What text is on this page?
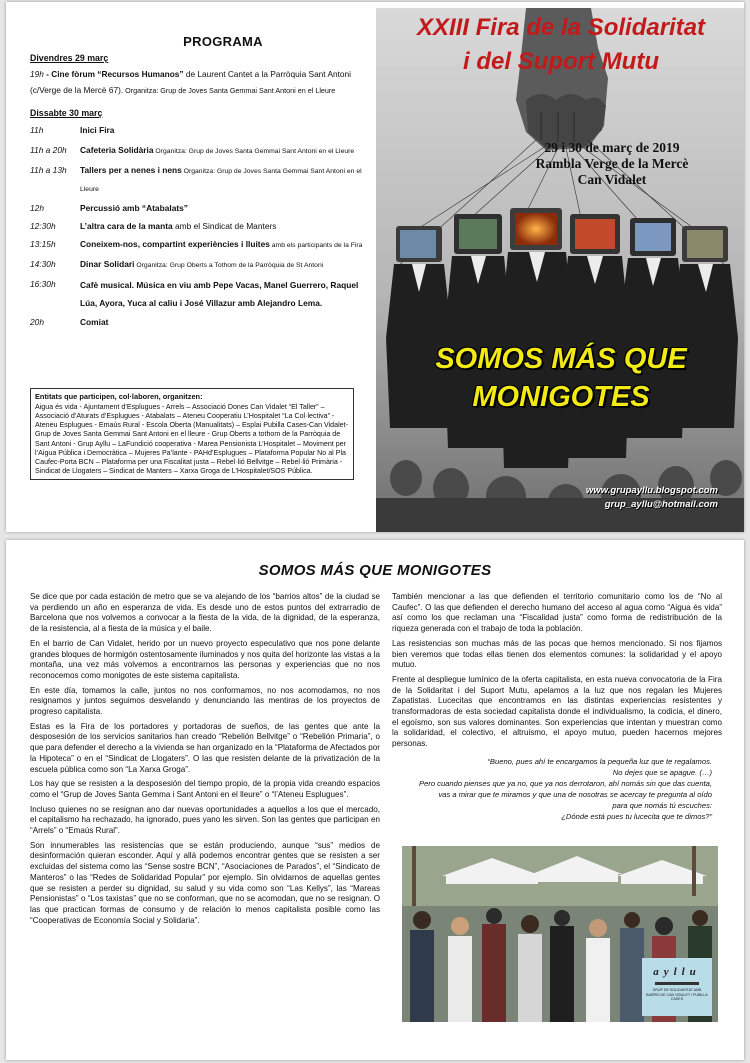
PROGRAMA
Divendres 29 març
19h - Cine fòrum “Recursos Humanos” de Laurent Cantet a la Parròquia Sant Antoni (c/Verge de la Mercè 67). Organitza: Grup de Joves Santa Gemmai Sant Antoni en el Lleure
Dissabte 30 març
11h	Inici Fira
11h a 20h	Cafeteria Solidària Organitza: Grup de Joves Santa Gemmai Sant Antoni en el Lleure
11h a 13h	Tallers per a nenes i nens Organitza: Grup de Joves Santa Gemmai Sant Antoni en el Lleure
12h	Percussió amb “Atabalats”
12:30h	L’altra cara de la manta amb el Sindicat de Manters
13:15h	Coneixem-nos, compartint experiències i lluites amb els participants de la Fira
14:30h	Dinar Solidari Organitza: Grup Oberts a Tothom de la Parròquia de St Antoni
16:30h	Cafè musical. Música en viu amb Pepe Vacas, Manel Guerrero, Raquel Lúa, Ayora, Yuca al caliu i José Villazur amb Alejandro Lema.
20h	Comiat
Entitats que participen, col·laboren, organitzen:
Aigua és vida - Ajuntament d’Esplugues - Arrels – Associació Dones Can Vidalet “El Taller” – Associació d’Aturats d’Esplugues - Atabalats – Ateneu Cooperatiu L’Hospitalet “La Col·lectiva” - Ateneu Esplugues - Emaús Rural - Escola Oberta (Manualitats) – Esplai Pubilla Cases-Can Vidalet-Grup de Joves Santa Gemmai Sant Antoni en el lleure - Grup Oberts a tothom de la Parròquia de Sant Antoni - Grup Ayllu – LaFundició cooperativa - Marea Pensionista L’Hospitalet – Moviment per l’Aigua Pública i Democràtica – Mujeres Pa’lante - PAHd’Esplugues – Plataforma Popular No al Pla Caufec-Porta BCN – Plataforma per una Fiscalitat justa – Rebel·lió Bellvitge – Rebel·lió Primària - Sindicat de Llogaters – Sindicat de Manters – Xarxa Groga de L’Hospitalet/SOS Pública.
XXIII Fira de la Solidaritat
i del Suport Mutu
29 i 30 de març de 2019
Rambla Verge de la Mercè
Can Vidalet
SOMOS MÁS QUE
MONIGOTES
www.grupayllu.blogspot.com
grup_ayllu@hotmail.com
SOMOS MÁS QUE MONIGOTES

Se dice que por cada estación de metro que se va alejando de los “barrios altos” de la ciudad se va perdiendo un año en esperanza de vida. Es desde uno de estos puntos del extrarradio de Barcelona que nos volvemos a convocar a la fiesta de la vida, de la dignidad, de la esperanza, de la resistencia, al a fiesta de la música y el baile.

En el barrio de Can Vidalet, herido por un nuevo proyecto especulativo que nos pone delante grandes bloques de hormigón ostentosamente iluminados y nos quita del horizonte las vistas a la montaña, una vez más volvemos a encontrarnos las personas y experiencias que no nos reconocemos como monigotes de este sistema capitalista.

En este día, tomamos la calle, juntos no nos conformamos, no nos acomodamos, no nos resignamos y juntos seguimos desvelando y denunciando las mentiras de los proyectos de progreso capitalista.

Estas es la Fira de los portadores y portadoras de sueños, de las gentes que ante la desposesión de los servicios sanitarios han creado “Rebelión Bellvitge” o “Rebelión Primaria”, o que para defender el derecho a la vivienda se han organizado en la “Plataforma de Afectados por la Hipoteca” o en el “Sindicat de Llogaters”. O las que resisten delante de la privatización de la escuela pública como son “La Xarxa Groga”.

Los hay que se resisten a la desposesión del tiempo propio, de la propia vida creando espacios como el “Grup de Joves Santa Gemma i Sant Antoni en el lleure” o “l’Ateneu Esplugues”.

Incluso quienes no se resignan ano dar nuevas oportunidades a aquellos a los que el mercado, el capitalismo ha rechazado, ha ignorado, pues yano les sirven. Son las gentes que participan en “Arrels” o “Emaús Rural”.

Son innumerables las resistencias que se están produciendo, aunque “sus” medios de desinformación quieran esconder. Aquí y allá podemos encontrar gentes que se resisten a ser excluidas del sistema como las “Sense sostre BCN”, “Asociaciones de Parados”, el “Sindicato de Manteros” o las “Redes de Solidaridad Popular” por ejemplo. Sin olvidarnos de aquellas gentes que se resisten a perder su dignidad, su salud y su vida como son “Las Kellys”, las “Mareas Pensionistas” o “Los taxistas” que no se conforman, que no se acomodan, que no se resignan. O las que practican formas de consumo y de relación lo menos capitalista posible como las “Cooperativas de Economía Social y Solidaria”.

También mencionar a las que defienden el territorio comunitario como los de “No al Caufec”. O las que defienden el derecho humano del acceso al agua como “Aigua és vida” así como los que reclaman una “Fiscalidad justa” como forma de redistribución de la riqueza generada con el trabajo de toda la población.

Las resistencias son muchas más de las pocas que hemos mencionado. Si nos fijamos bien veremos que todas ellas tienen dos elementos comunes: la solidaridad y el apoyo mutuo.

Frente al despliegue lumínico de la oferta capitalista, en esta nueva convocatoria de la Fira de la Solidaritat i del Suport Mutu, apelamos a la luz que nos regalan les Mujeres Zapatistas. Lucecitas que encontramos en las distintas experiencias resistentes y transformadoras de esta sociedad capitalista donde el individualismo, la codicia, el dinero, el egoísmo, son sus valores dominantes. Son experiencias que intentan y muestran como la solidaridad, el colectivo, el altruismo, el apoyo mutuo, pueden hacernos mejores personas.

“Bueno, pues ahí te encargamos la pequeña luz que te regalamos.
No dejes que se apague. (…)
Pero cuando pienses que ya no, que ya nos derrotaron, ahí nomás sin que das cuenta,
vas a mirar que te miramos y que una de nosotras se acercay te pregunta al oído
para que nomás tú escuches:
¿Dónde está pues tu lucecita que te dimos?”
ayllu
GRUP DE SOLIDARITAT AMB BARRIS DE CAN VIDALET I PUBILLA CASES
